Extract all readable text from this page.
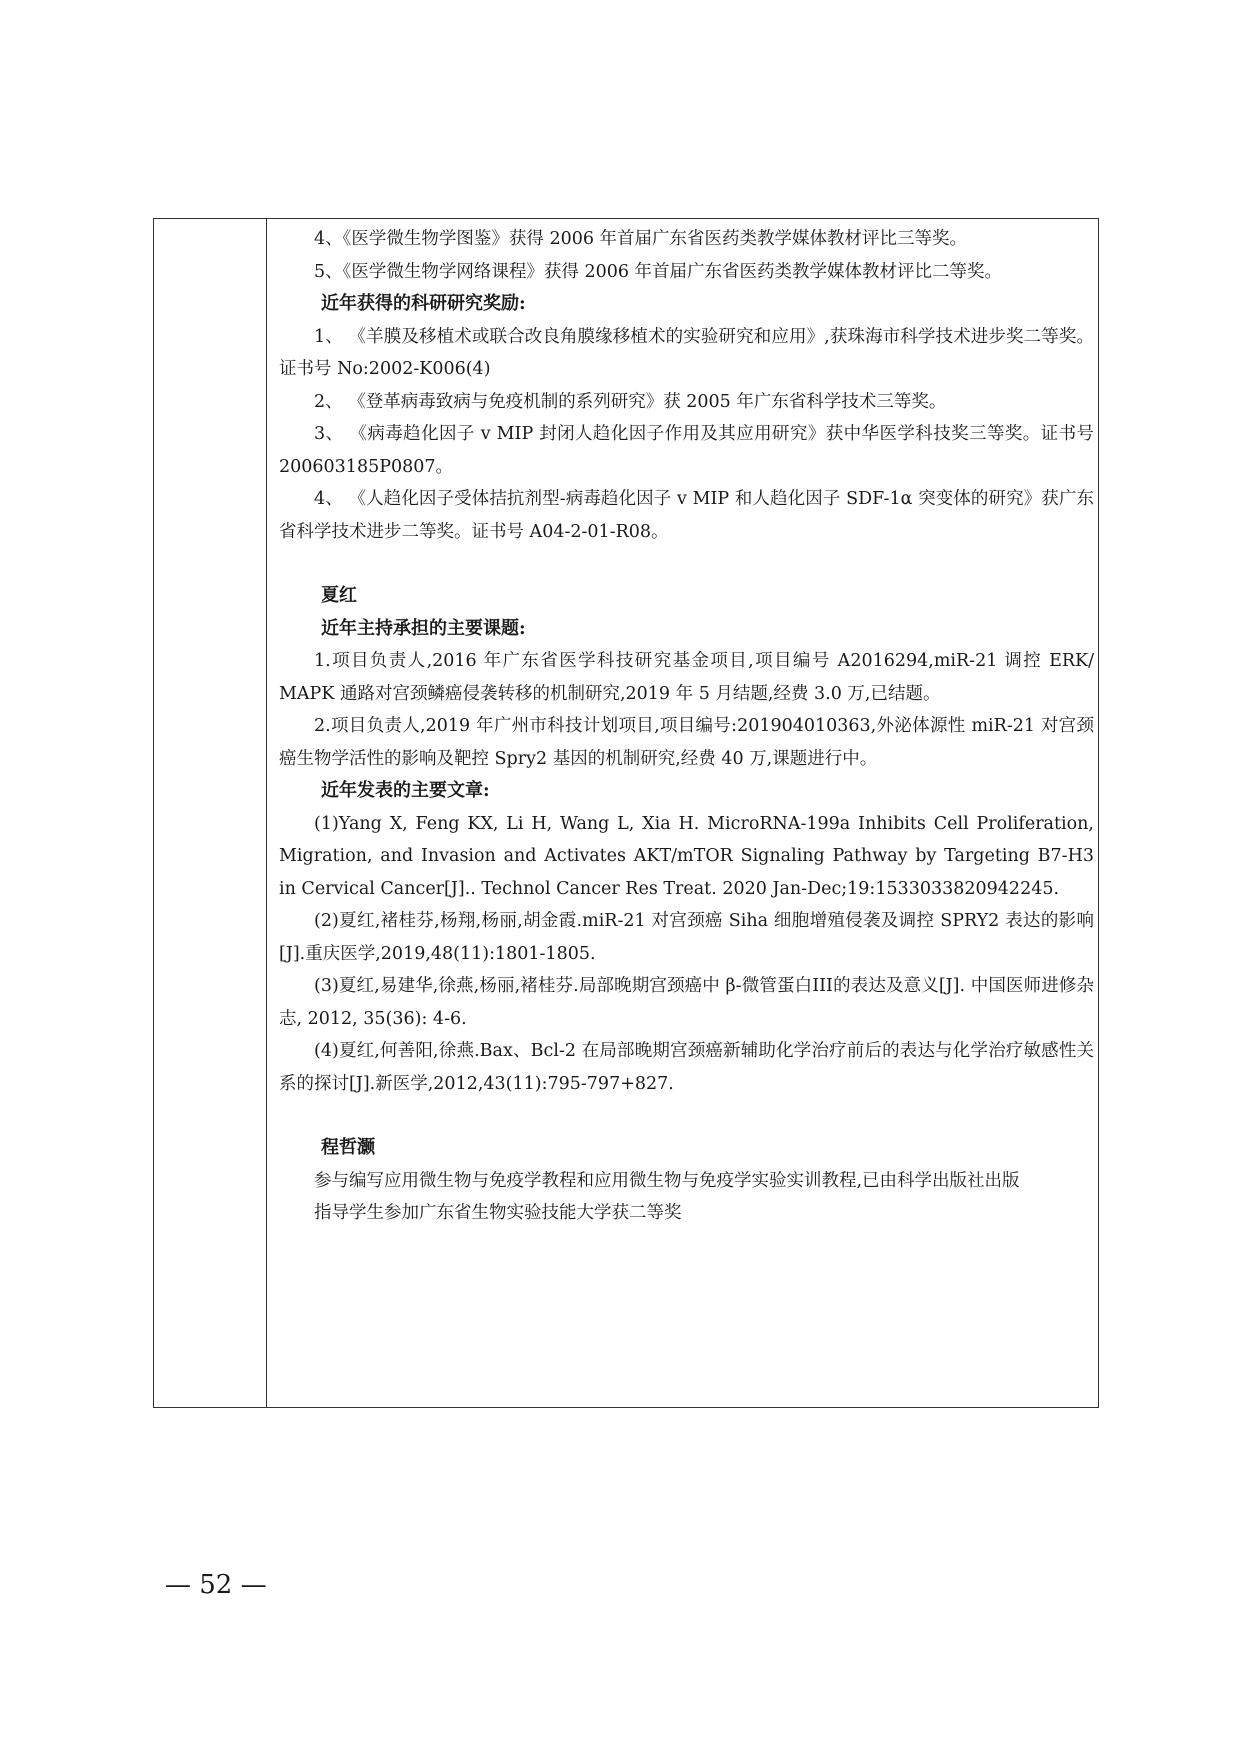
4、《医学微生物学图鉴》获得 2006 年首届广东省医药类教学媒体教材评比三等奖。

5、《医学微生物学网络课程》获得 2006 年首届广东省医药类教学媒体教材评比二等奖。

近年获得的科研研究奖励:

1、 《羊膜及移植术或联合改良角膜缘移植术的实验研究和应用》,获珠海市科学技术进步奖二等奖。证书号 No:2002-K006(4)

2、 《登革病毒致病与免疫机制的系列研究》获 2005 年广东省科学技术三等奖。

3、 《病毒趋化因子 v MIP 封闭人趋化因子作用及其应用研究》获中华医学科技奖三等奖。证书号 200603185P0807。

4、 《人趋化因子受体拮抗剂型-病毒趋化因子 v MIP 和人趋化因子 SDF-1α 突变体的研究》获广东省科学技术进步二等奖。证书号 A04-2-01-R08。

夏红

近年主持承担的主要课题:

1.项目负责人,2016 年广东省医学科技研究基金项目,项目编号 A2016294,miR-21 调控 ERK/ MAPK 通路对宫颈鳞癌侵袭转移的机制研究,2019 年 5 月结题,经费 3.0 万,已结题。

2.项目负责人,2019 年广州市科技计划项目,项目编号:201904010363,外泌体源性 miR-21 对宫颈癌生物学活性的影响及靶控 Spry2 基因的机制研究,经费 40 万,课题进行中。

近年发表的主要文章:

(1)Yang X, Feng KX, Li H, Wang L, Xia H. MicroRNA-199a Inhibits Cell Proliferation, Migration, and Invasion and Activates AKT/mTOR Signaling Pathway by Targeting B7-H3 in Cervical Cancer[J].. Technol Cancer Res Treat. 2020 Jan-Dec;19:1533033820942245.

(2)夏红,褚桂芬,杨翔,杨丽,胡金霞.miR-21 对宫颈癌 Siha 细胞增殖侵袭及调控 SPRY2 表达的影响[J].重庆医学,2019,48(11):1801-1805.

(3)夏红,易建华,徐燕,杨丽,褚桂芬.局部晚期宫颈癌中 β-微管蛋白III的表达及意义[J]. 中国医师进修杂志, 2012, 35(36): 4-6.

(4)夏红,何善阳,徐燕.Bax、Bcl-2 在局部晚期宫颈癌新辅助化学治疗前后的表达与化学治疗敏感性关系的探讨[J].新医学,2012,43(11):795-797+827.

程哲灏

参与编写应用微生物与免疫学教程和应用微生物与免疫学实验实训教程,已由科学出版社出版

指导学生参加广东省生物实验技能大学获二等奖

— 52 —
